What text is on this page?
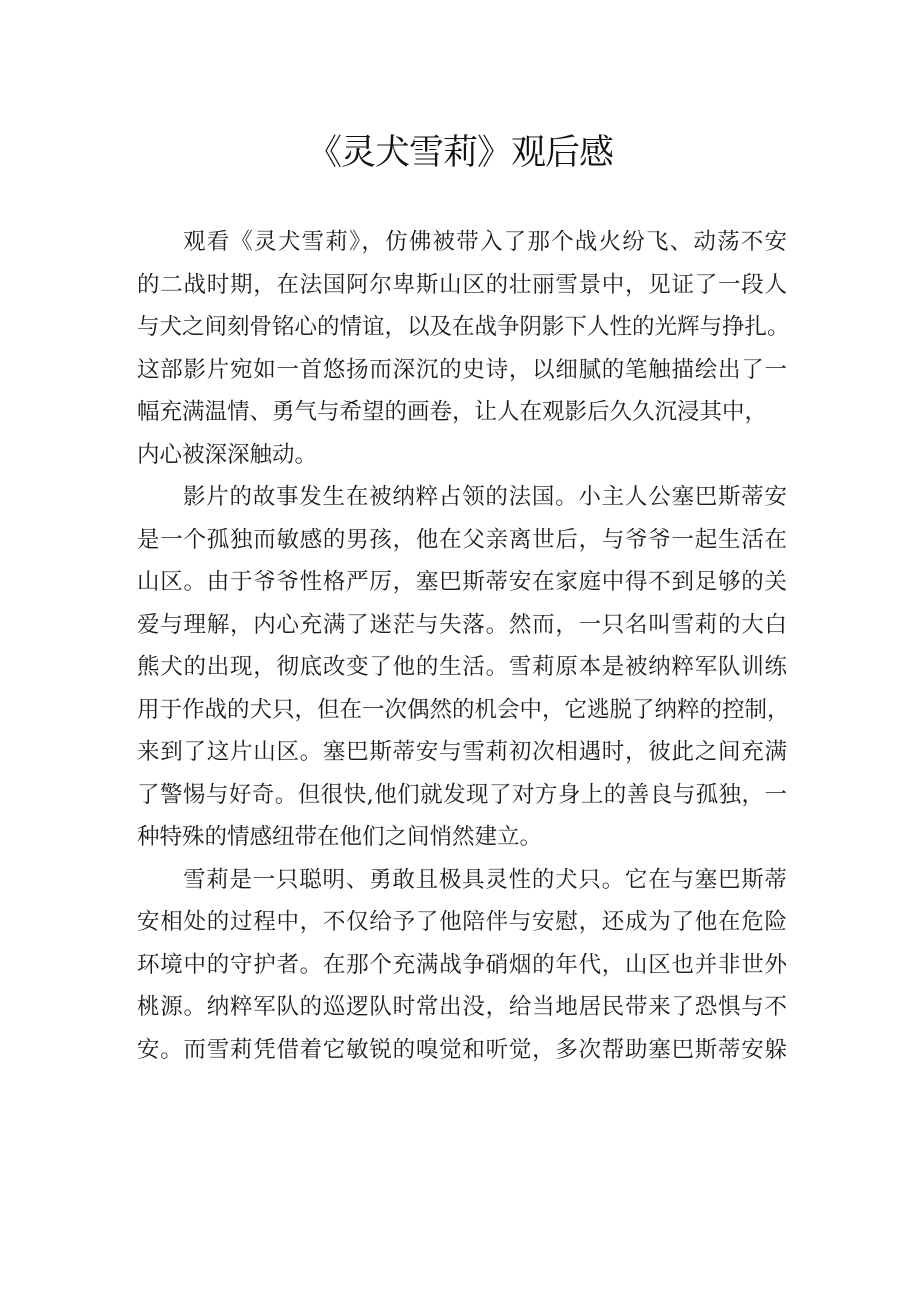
《灵犬雪莉》观后感
观看《灵犬雪莉》，仿佛被带入了那个战火纷飞、动荡不安
的二战时期，在法国阿尔卑斯山区的壮丽雪景中，见证了一段人
与犬之间刻骨铭心的情谊，以及在战争阴影下人性的光辉与挣扎。
这部影片宛如一首悠扬而深沉的史诗，以细腻的笔触描绘出了一
幅充满温情、勇气与希望的画卷，让人在观影后久久沉浸其中，
内心被深深触动。
影片的故事发生在被纳粹占领的法国。小主人公塞巴斯蒂安
是一个孤独而敏感的男孩，他在父亲离世后，与爷爷一起生活在
山区。由于爷爷性格严厉，塞巴斯蒂安在家庭中得不到足够的关
爱与理解，内心充满了迷茫与失落。然而，一只名叫雪莉的大白
熊犬的出现，彻底改变了他的生活。雪莉原本是被纳粹军队训练
用于作战的犬只，但在一次偶然的机会中，它逃脱了纳粹的控制，
来到了这片山区。塞巴斯蒂安与雪莉初次相遇时，彼此之间充满
了警惕与好奇。但很快,他们就发现了对方身上的善良与孤独，一
种特殊的情感纽带在他们之间悄然建立。
雪莉是一只聪明、勇敢且极具灵性的犬只。它在与塞巴斯蒂
安相处的过程中，不仅给予了他陪伴与安慰，还成为了他在危险
环境中的守护者。在那个充满战争硝烟的年代，山区也并非世外
桃源。纳粹军队的巡逻队时常出没，给当地居民带来了恐惧与不
安。而雪莉凭借着它敏锐的嗅觉和听觉，多次帮助塞巴斯蒂安躲
